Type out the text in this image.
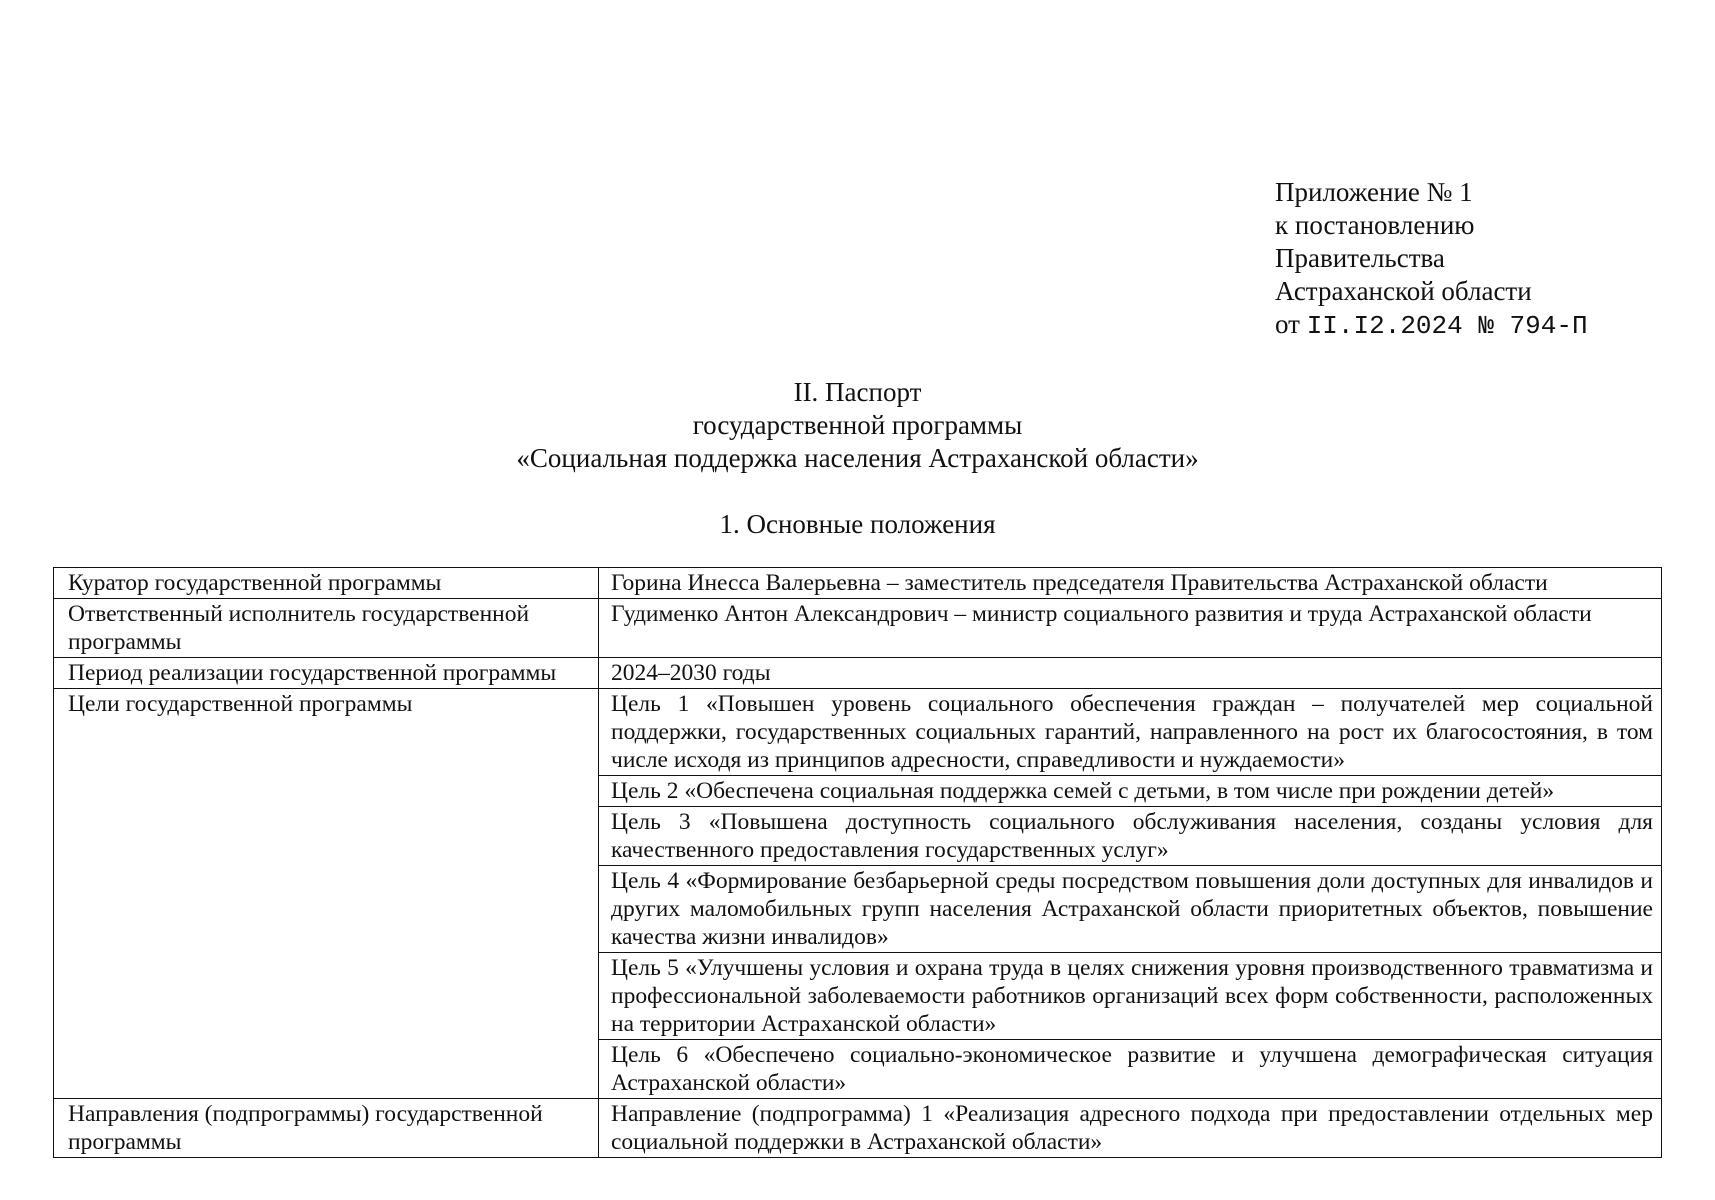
Приложение № 1
к постановлению
Правительства
Астраханской области
от II.I2.2024 № 794-П
II. Паспорт
государственной программы
«Социальная поддержка населения Астраханской области»
1. Основные положения
Куратор государственной программы	Горина Инесса Валерьевна – заместитель председателя Правительства Астраханской области
Ответственный исполнитель государственной программы	Гудименко Антон Александрович – министр социального развития и труда Астраханской области
Период реализации государственной программы	2024–2030 годы
Цели государственной программы	Цель 1 «Повышен уровень социального обеспечения граждан – получателей мер социальной поддержки, государственных социальных гарантий, направленного на рост их благосостояния, в том числе исходя из принципов адресности, справедливости и нуждаемости»
	Цель 2 «Обеспечена социальная поддержка семей с детьми, в том числе при рождении детей»
	Цель 3 «Повышена доступность социального обслуживания населения, созданы условия для качественного предоставления государственных услуг»
	Цель 4 «Формирование безбарьерной среды посредством повышения доли доступных для инвалидов и других маломобильных групп населения Астраханской области приоритетных объектов, повышение качества жизни инвалидов»
	Цель 5 «Улучшены условия и охрана труда в целях снижения уровня производственного травматизма и профессиональной заболеваемости работников организаций всех форм собственности, расположенных на территории Астраханской области»
	Цель 6 «Обеспечено социально-экономическое развитие и улучшена демографическая ситуация Астраханской области»
Направления (подпрограммы) государственной программы	Направление (подпрограмма) 1 «Реализация адресного подхода при предоставлении отдельных мер социальной поддержки в Астраханской области»
